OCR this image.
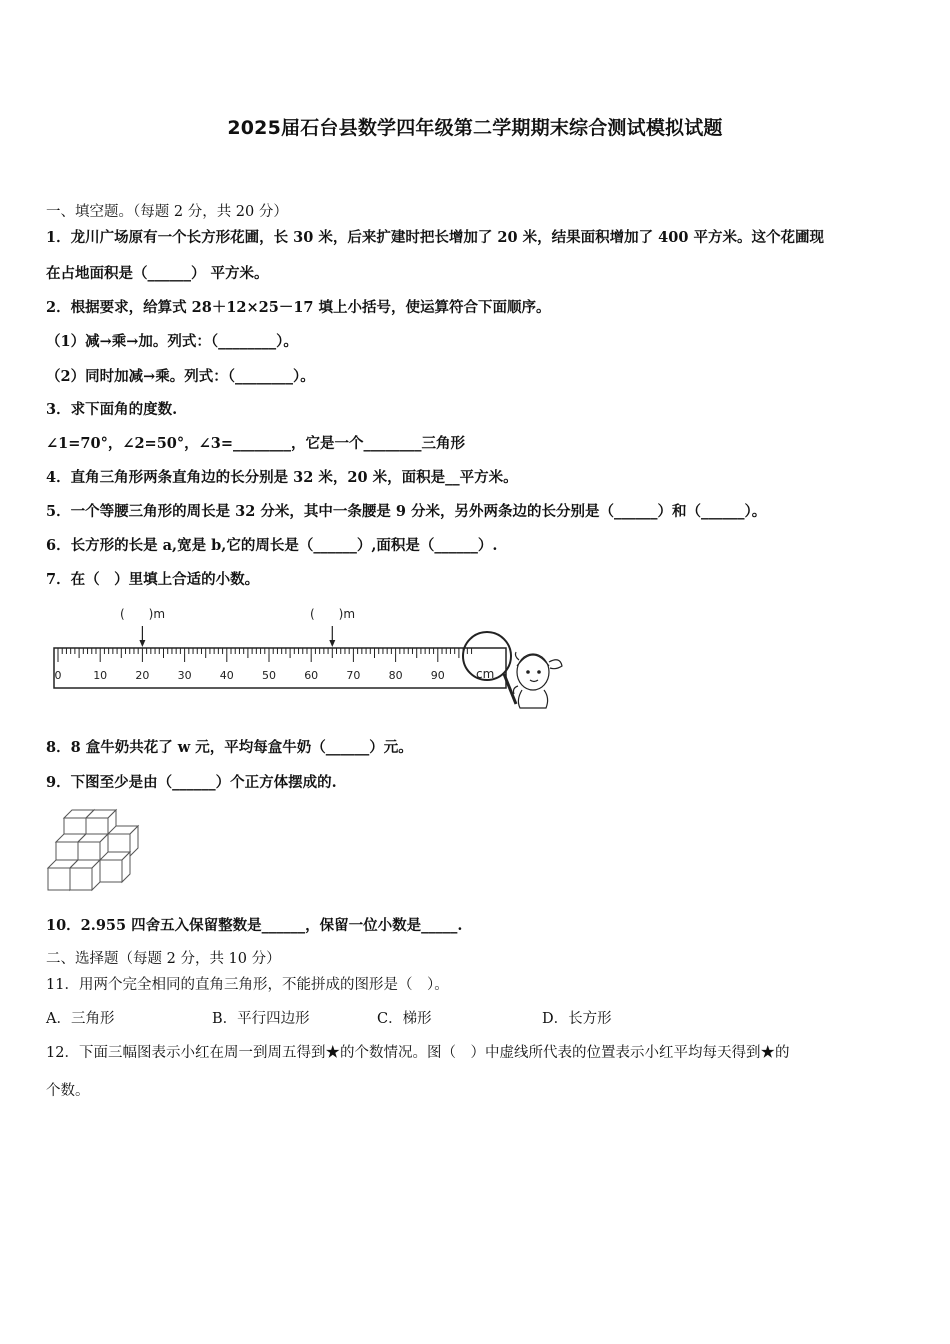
2025届石台县数学四年级第二学期期末综合测试模拟试题
一、填空题。（每题 2 分，共 20 分）
1．龙川广场原有一个长方形花圃，长 30 米，后来扩建时把长增加了 20 米，结果面积增加了 400 平方米。这个花圃现
在占地面积是（______） 平方米。
2．根据要求，给算式 28＋12×25－17 填上小括号，使运算符合下面顺序。
（1）减→乘→加。列式：（________）。
（2）同时加减→乘。列式：（________）。
3．求下面角的度数.
∠1=70°，∠2=50°，∠3=________，它是一个________三角形
4．直角三角形两条直角边的长分别是 32 米，20 米，面积是__平方米。
5．一个等腰三角形的周长是 32 分米，其中一条腰是 9 分米，另外两条边的长分别是（______）和（______）。
6．长方形的长是 a,宽是 b,它的周长是（______）,面积是（______）.
7．在（　）里填上合适的小数。
(　　)m	(　　)m
0	10	20	30	40	50	60	70	80	90	cm
8．8 盒牛奶共花了 w 元，平均每盒牛奶（______）元。
9．下图至少是由（______）个正方体摆成的.
10．2.955 四舍五入保留整数是______，保留一位小数是_____.
二、选择题（每题 2 分，共 10 分）
11．用两个完全相同的直角三角形，不能拼成的图形是（　）。
A．三角形	B．平行四边形	C．梯形	D．长方形
12．下面三幅图表示小红在周一到周五得到★的个数情况。图（　）中虚线所代表的位置表示小红平均每天得到★的
个数。
